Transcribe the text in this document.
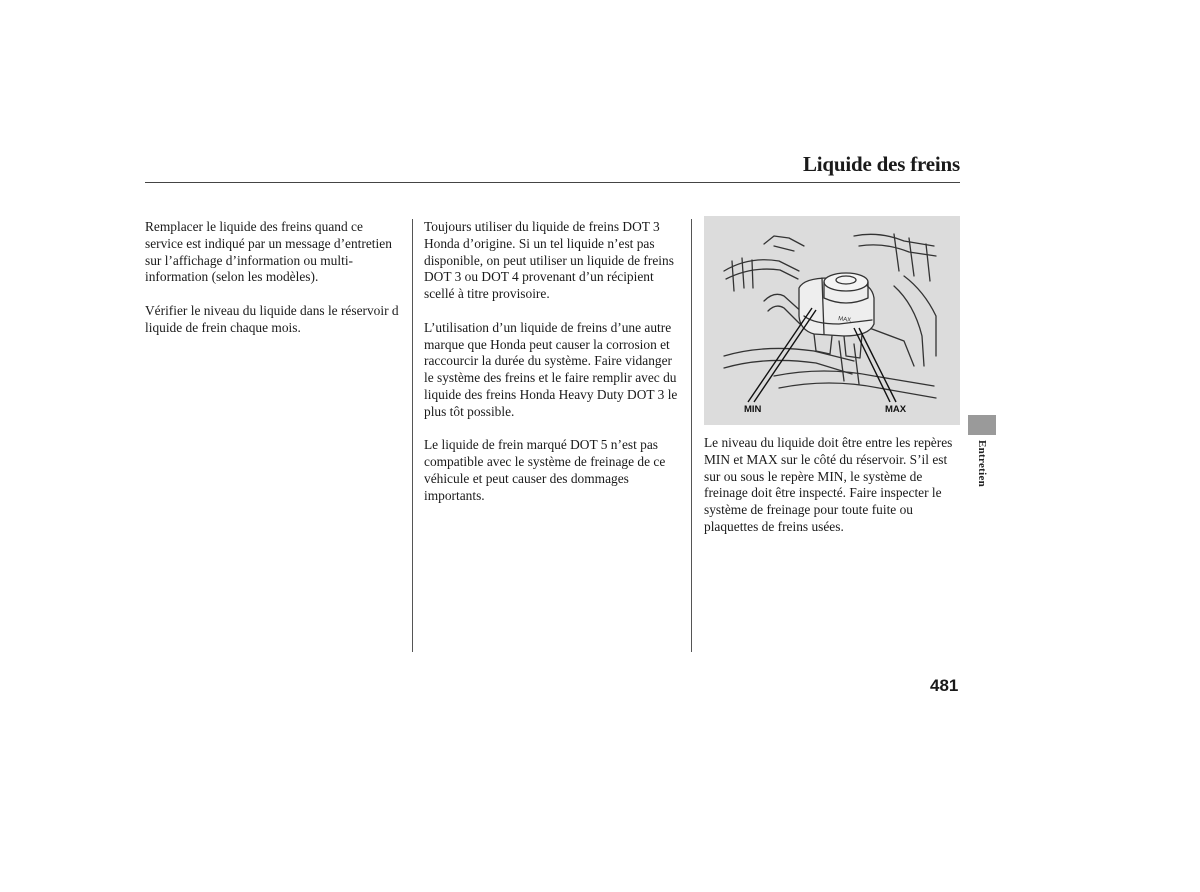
Liquide des freins

Remplacer le liquide des freins quand ce service est indiqué par un message d’entretien sur l’affichage d’information ou multi-information (selon les modèles).

Vérifier le niveau du liquide dans le réservoir d liquide de frein chaque mois.

Toujours utiliser du liquide de freins DOT 3 Honda d’origine. Si un tel liquide n’est pas disponible, on peut utiliser un liquide de freins DOT 3 ou DOT 4 provenant d’un récipient scellé à titre provisoire.

L’utilisation d’un liquide de freins d’une autre marque que Honda peut causer la corrosion et raccourcir la durée du système. Faire vidanger le système des freins et le faire remplir avec du liquide des freins Honda Heavy Duty DOT 3 le plus tôt possible.

Le liquide de frein marqué DOT 5 n’est pas compatible avec le système de freinage de ce véhicule et peut causer des dommages importants.

MAX
MIN	MAX

Le niveau du liquide doit être entre les repères MIN et MAX sur le côté du réservoir. S’il est sur ou sous le repère MIN, le système de freinage doit être inspecté. Faire inspecter le système de freinage pour toute fuite ou plaquettes de freins usées.

Entretien
481
